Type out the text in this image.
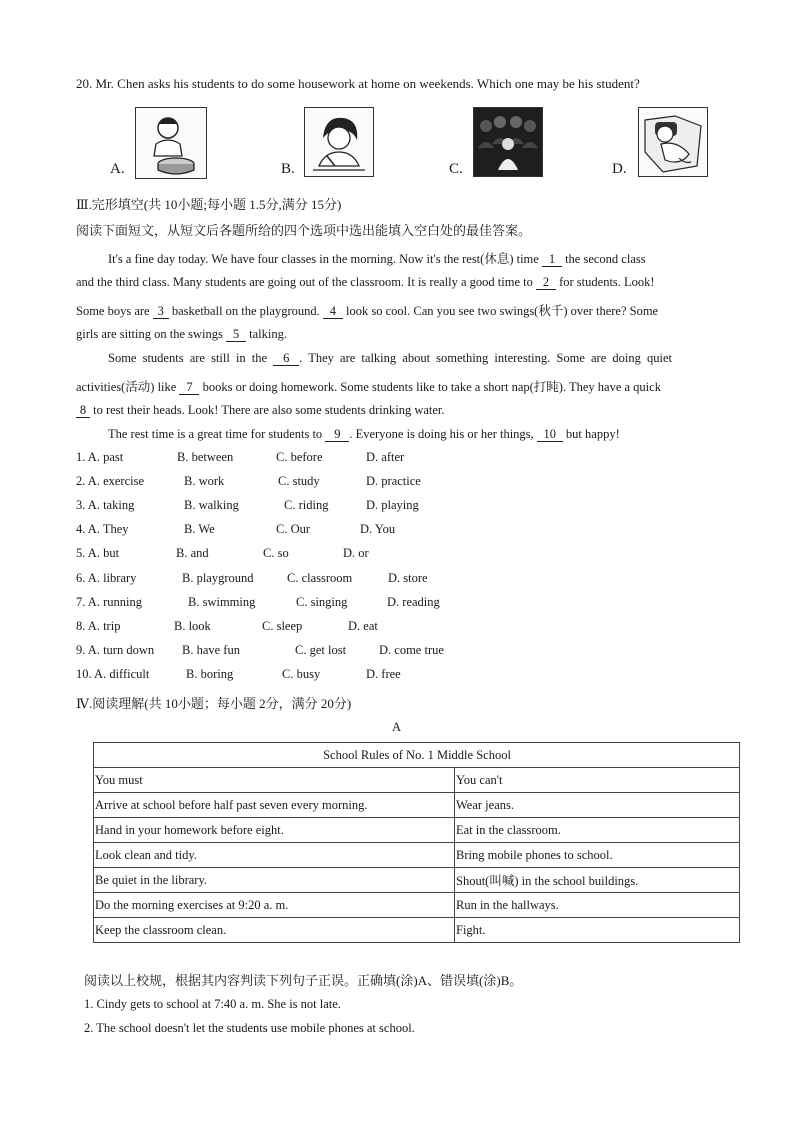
20. Mr. Chen asks his students to do some housework at home on weekends. Which one may be his student?
A.	B.	C.	D.
Ⅲ.完形填空(共 10小题;每小题 1.5分,满分 15分)
阅读下面短文，从短文后各题所给的四个选项中选出能填入空白处的最佳答案。
It's a fine day today. We have four classes in the morning. Now it's the rest(休息) time 1 the second class
and the third class. Many students are going out of the classroom. It is really a good time to 2 for students. Look!
Some boys are 3 basketball on the playground. 4 look so cool. Can you see two swings(秋千) over there? Some
girls are sitting on the swings 5 talking.
Some students are still in the 6 . They are talking about something interesting. Some are doing quiet
activities(活动) like 7 books or doing homework. Some students like to take a short nap(打盹). They have a quick
8 to rest their heads. Look! There are also some students drinking water.
The rest time is a great time for students to 9 . Everyone is doing his or her things, 10 but happy!
1. A. past	B. between	C. before	D. after
2. A. exercise	B. work	C. study	D. practice
3. A. taking	B. walking	C. riding	D. playing
4. A. They	B. We	C. Our	D. You
5. A. but	B. and	C. so	D. or
6. A. library	B. playground	C. classroom	D. store
7. A. running	B. swimming	C. singing	D. reading
8. A. trip	B. look	C. sleep	D. eat
9. A. turn down B. have fun	C. get lost	D. come true
10. A. difficult	B. boring	C. busy	D. free
Ⅳ.阅读理解(共 10小题；每小题 2分，满分 20分)
A
School Rules of No. 1 Middle School	
You must	You can't
Arrive at school before half past seven every morning.	Wear jeans.
Hand in your homework before eight.	Eat in the classroom.
Look clean and tidy.	Bring mobile phones to school.
Be quiet in the library.	Shout(叫喊) in the school buildings.
Do the morning exercises at 9:20 a. m.	Run in the hallways.
Keep the classroom clean.	Fight.
阅读以上校规，根据其内容判读下列句子正误。正确填(涂)A、错误填(涂)B。
1. Cindy gets to school at 7:40 a. m. She is not late.
2. The school doesn't let the students use mobile phones at school.
